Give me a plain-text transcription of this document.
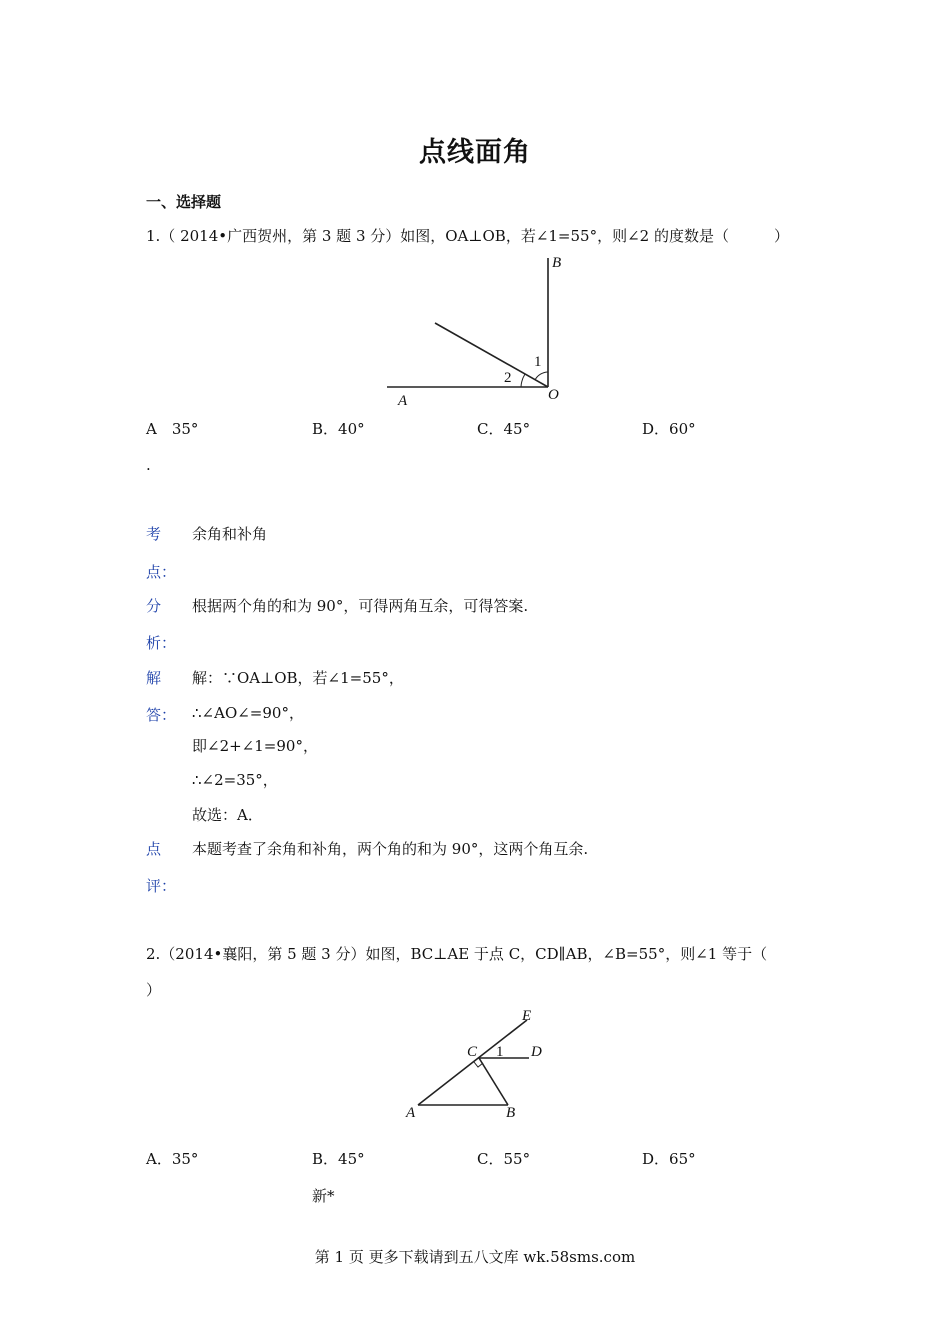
点线面角
一、选择题
1.（ 2014•广西贺州，第 3 题 3 分）如图，OA⊥OB，若∠1=55°，则∠2 的度数是（　　　）
B
A	O
1
2
A　35°	B．40°	C．45°	D．60°
.
考
点：
余角和补角
分
析：
根据两个角的和为 90°，可得两角互余，可得答案.
解
答：
解：∵OA⊥OB，若∠1=55°，
∴∠AO∠=90°，
即∠2+∠1=90°，
∴∠2=35°，
故选：A．
点
评：
本题考查了余角和补角，两个角的和为 90°，这两个角互余.
2.（2014•襄阳，第 5 题 3 分）如图，BC⊥AE 于点 C，CD∥AB，∠B=55°，则∠1 等于（
）
E
C 1 D
A	B
A．35°	B．45°	C．55°	D．65°
新*
第 1 页 更多下载请到五八文库 wk.58sms.com
